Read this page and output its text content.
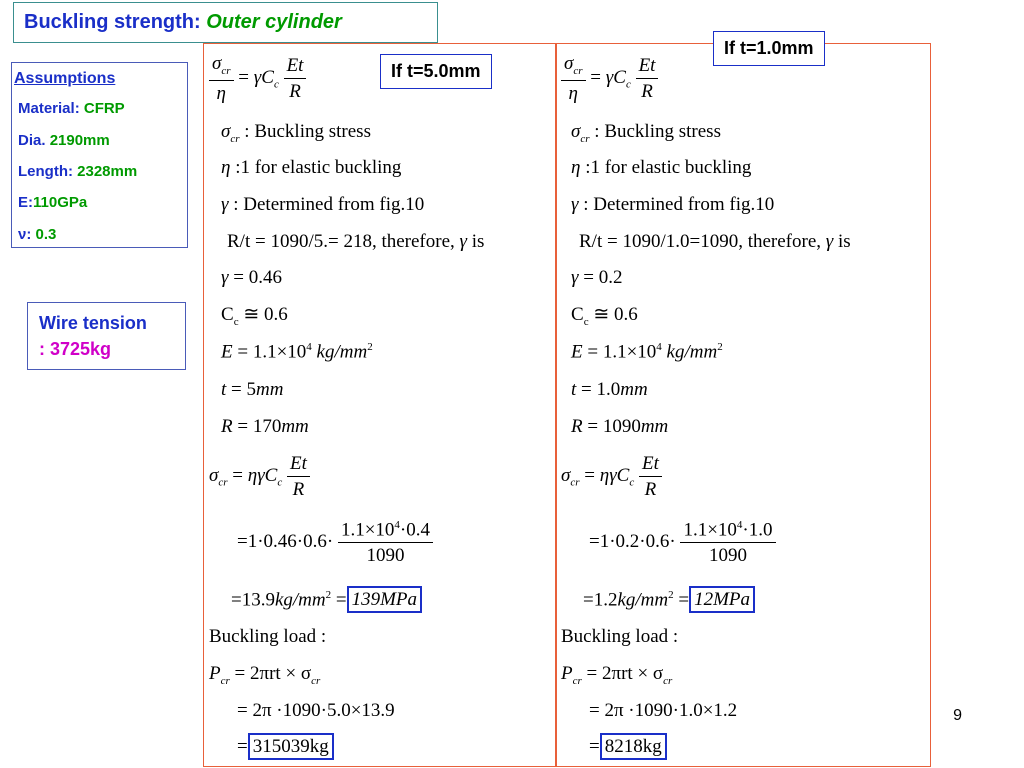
Buckling strength: Outer cylinder
Assumptions
Material: CFRP
Dia. 2190mm
Length: 2328mm
E:110GPa
ν: 0.3
Wire tension
: 3725kg
$\frac{\sigma_{cr}}{\eta} = \gamma C_c \frac{Et}{R}$
$\sigma_{cr}$ : Buckling stress
η :1 for elastic buckling
γ : Determined from fig.10
R/t = 1090/5.= 218, therefore, γ is
γ = 0.46
$C_c$ ≅ 0.6
$E = 1.1\times 10^4$ $kg/mm^2$
t = 5mm
R = 170mm
$\sigma_{cr} = \eta\gamma C_c \frac{Et}{R}$
$=1\cdot 0.46\cdot 0.6\cdot \frac{1.1\times 10^4\cdot 0.4}{1090}$
$=13.9kg/mm^2 = 139MPa$
Buckling load :
$P_{cr} = 2\pi rt \times \sigma_{cr}$
= 2π ·1090·5.0×13.9
= 315039kg
If t=5.0mm	$\frac{\sigma_{cr}}{\eta} = \gamma C_c \frac{Et}{R}$
$\sigma_{cr}$ : Buckling stress
η :1 for elastic buckling
γ : Determined from fig.10
R/t = 1090/1.0=1090, therefore, γ is
γ = 0.2
$C_c$ ≅ 0.6
$E = 1.1\times 10^4$ $kg/mm^2$
t = 1.0mm
R = 1090mm
$\sigma_{cr} = \eta\gamma C_c \frac{Et}{R}$
$=1\cdot 0.2\cdot 0.6\cdot \frac{1.1\times 10^4\cdot 1.0}{1090}$
$=1.2kg/mm^2 = 12MPa$
Buckling load :
$P_{cr} = 2\pi rt \times \sigma_{cr}$
= 2π ·1090·1.0×1.2
= 8218kg
If t=1.0mm
9
